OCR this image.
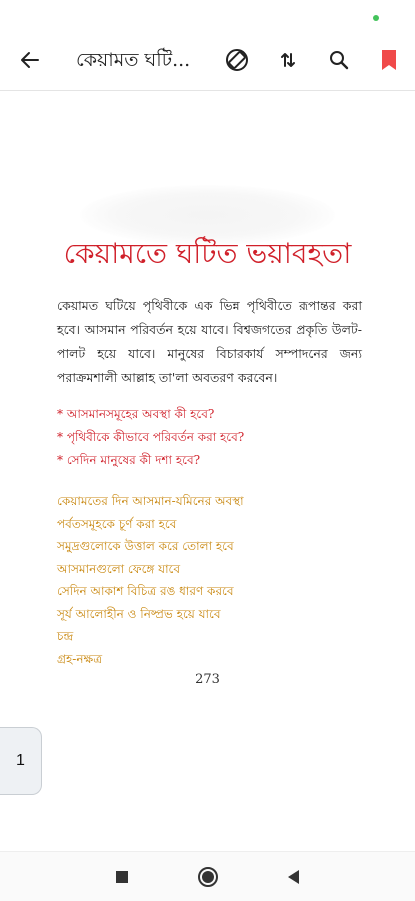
কেয়ামত ঘটি...
কেয়ামতে ঘটিত ভয়াবহতা

কেয়ামত ঘটিয়ে পৃথিবীকে এক ভিন্ন পৃথিবীতে রূপান্তর করা হবে। আসমান পরিবর্তন হয়ে যাবে। বিশ্বজগতের প্রকৃতি উলট-পালট হয়ে যাবে। মানুষের বিচারকার্য সম্পাদনের জন্য পরাক্রমশালী আল্লাহ তা'লা অবতরণ করবেন।

* আসমানসমূহের অবস্থা কী হবে?
* পৃথিবীকে কীভাবে পরিবর্তন করা হবে?
* সেদিন মানুষের কী দশা হবে?
কেয়ামতের দিন আসমান-যমিনের অবস্থা
পর্বতসমূহকে চূর্ণ করা হবে
সমুদ্রগুলোকে উত্তাল করে তোলা হবে
আসমানগুলো ফেঙ্গে যাবে
সেদিন আকাশ বিচিত্র রঙ ধারণ করবে
সূর্য আলোহীন ও নিষ্প্রভ হয়ে যাবে
চন্দ্র
গ্রহ-নক্ষত্র
273
1
